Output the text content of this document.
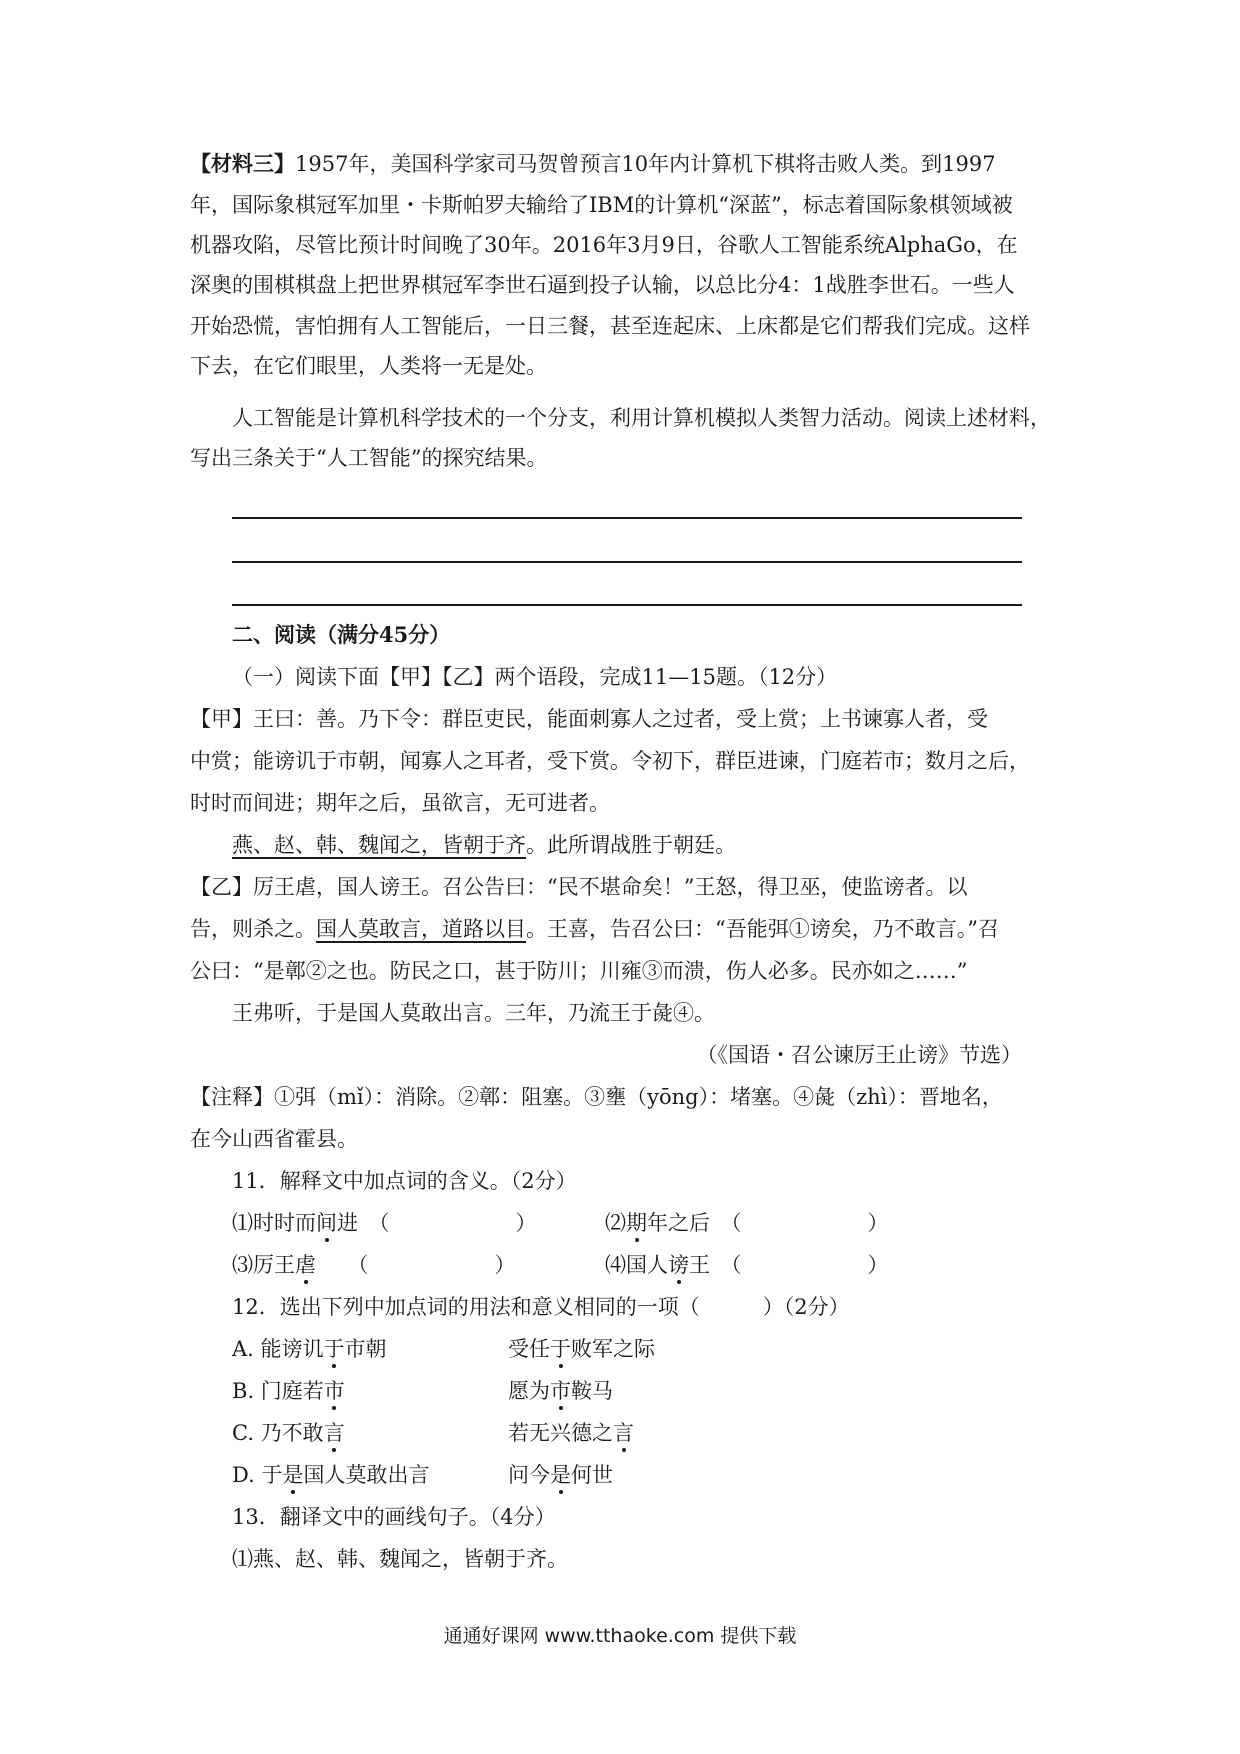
【材料三】1957年，美国科学家司马贺曾预言10年内计算机下棋将击败人类。到1997
年，国际象棋冠军加里・卡斯帕罗夫输给了IBM的计算机“深蓝”，标志着国际象棋领域被
机器攻陷，尽管比预计时间晚了30年。2016年3月9日，谷歌人工智能系统AlphaGo，在
深奥的围棋棋盘上把世界棋冠军李世石逼到投子认输，以总比分4：1战胜李世石。一些人
开始恐慌，害怕拥有人工智能后，一日三餐，甚至连起床、上床都是它们帮我们完成。这样
下去，在它们眼里，人类将一无是处。
人工智能是计算机科学技术的一个分支，利用计算机模拟人类智力活动。阅读上述材料，
写出三条关于“人工智能”的探究结果。
二、阅读（满分45分）
（一）阅读下面【甲】【乙】两个语段，完成11—15题。（12分）
【甲】王曰：善。乃下令：群臣吏民，能面刺寡人之过者，受上赏；上书谏寡人者，受
中赏；能谤讥于市朝，闻寡人之耳者，受下赏。令初下，群臣进谏，门庭若市；数月之后，
时时而间进；期年之后，虽欲言，无可进者。
燕、赵、韩、魏闻之，皆朝于齐。此所谓战胜于朝廷。
【乙】厉王虐，国人谤王。召公告曰：“民不堪命矣！”王怒，得卫巫，使监谤者。以
告，则杀之。国人莫敢言，道路以目。王喜，告召公曰：“吾能弭①谤矣，乃不敢言。”召
公曰：“是鄣②之也。防民之口，甚于防川；川雍③而溃，伤人必多。民亦如之……”
王弗听，于是国人莫敢出言。三年，乃流王于彘④。
（《国语・召公谏厉王止谤》节选）
【注释】①弭（mǐ）：消除。②鄣：阻塞。③壅（yōng）：堵塞。④彘（zhì）：晋地名，
在今山西省霍县。
11．解释文中加点词的含义。（2分）
⑴时时而间进　 （　　　　　　）	⑵期年之后　 （　　　　　　）
⑶厉王虐　　 （　　　　　　）	⑷国人谤王　 （　　　　　　）
12．选出下列中加点词的用法和意义相同的一项（　　　）（2分）
A. 能谤讥于市朝	受任于败军之际
B. 门庭若市	愿为市鞍马
C. 乃不敢言	若无兴德之言
D. 于是国人莫敢出言	问今是何世
13．翻译文中的画线句子。（4分）
⑴燕、赵、韩、魏闻之，皆朝于齐。
通通好课网 www.tthaoke.com 提供下载
